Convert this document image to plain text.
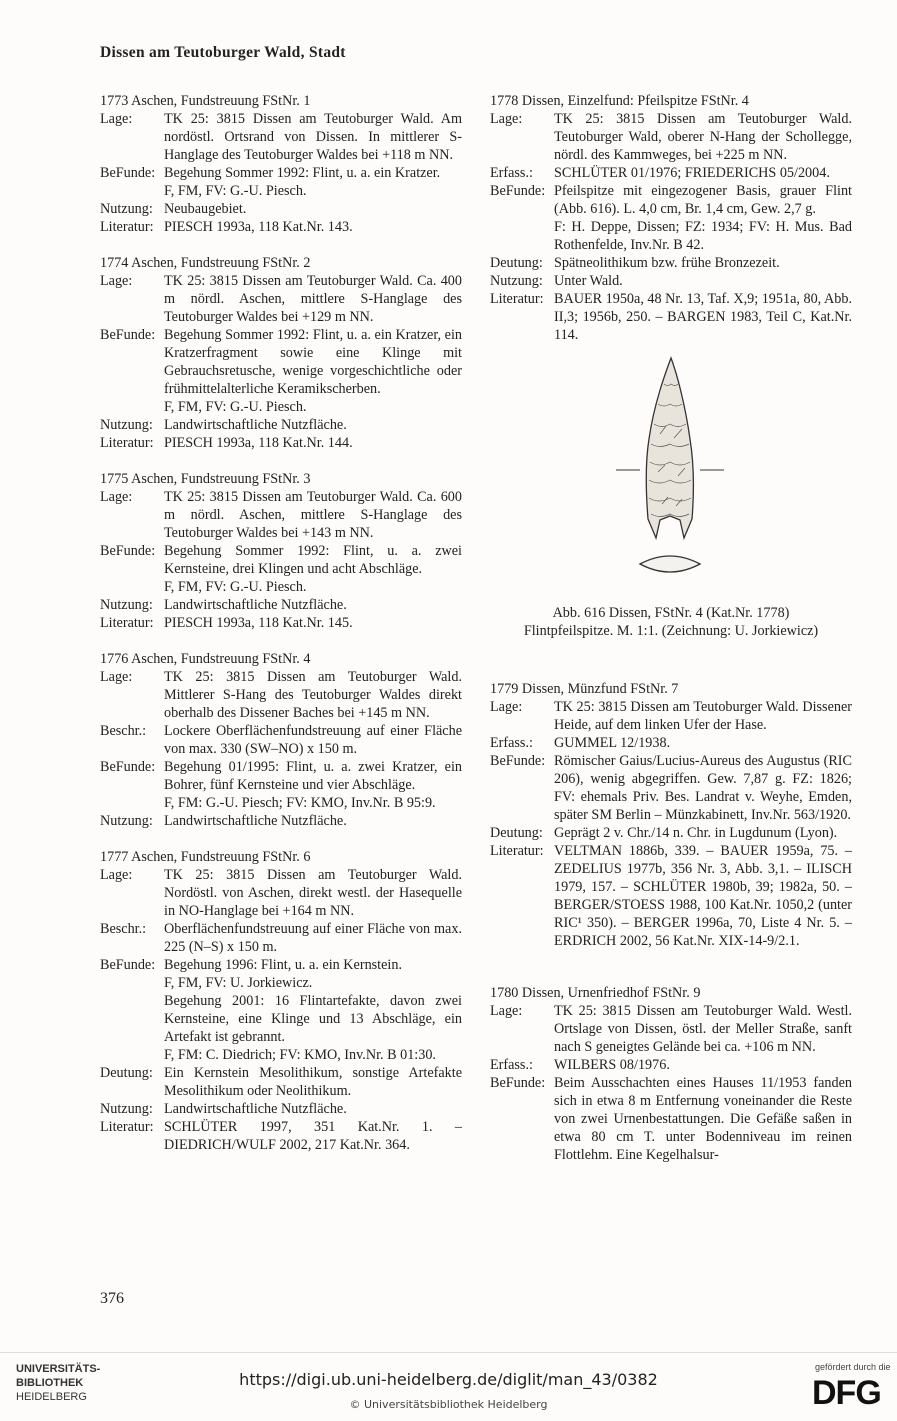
Dissen am Teutoburger Wald, Stadt
1773 Aschen, Fundstreuung FStNr. 1
Lage:	TK 25: 3815 Dissen am Teutoburger Wald. Am nordöstl. Ortsrand von Dissen. In mittlerer S-Hanglage des Teutoburger Waldes bei +118 m NN.
BeFunde: Begehung Sommer 1992: Flint, u. a. ein Kratzer.
F, FM, FV: G.-U. Piesch.
Nutzung: Neubaugebiet.
Literatur: PIESCH 1993a, 118 Kat.Nr. 143.
1774 Aschen, Fundstreuung FStNr. 2
Lage:	TK 25: 3815 Dissen am Teutoburger Wald. Ca. 400 m nördl. Aschen, mittlere S-Hanglage des Teutoburger Waldes bei +129 m NN.
BeFunde: Begehung Sommer 1992: Flint, u. a. ein Kratzer, ein Kratzerfragment sowie eine Klinge mit Gebrauchsretusche, wenige vorgeschichtliche oder frühmittelalterliche Keramikscherben.
F, FM, FV: G.-U. Piesch.
Nutzung: Landwirtschaftliche Nutzfläche.
Literatur: PIESCH 1993a, 118 Kat.Nr. 144.
1775 Aschen, Fundstreuung FStNr. 3
Lage:	TK 25: 3815 Dissen am Teutoburger Wald. Ca. 600 m nördl. Aschen, mittlere S-Hanglage des Teutoburger Waldes bei +143 m NN.
BeFunde: Begehung Sommer 1992: Flint, u. a. zwei Kernsteine, drei Klingen und acht Abschläge.
F, FM, FV: G.-U. Piesch.
Nutzung: Landwirtschaftliche Nutzfläche.
Literatur: PIESCH 1993a, 118 Kat.Nr. 145.
1776 Aschen, Fundstreuung FStNr. 4
Lage:	TK 25: 3815 Dissen am Teutoburger Wald. Mittlerer S-Hang des Teutoburger Waldes direkt oberhalb des Dissener Baches bei +145 m NN.
Beschr.:	Lockere Oberflächenfundstreuung auf einer Fläche von max. 330 (SW–NO) x 150 m.
BeFunde: Begehung 01/1995: Flint, u. a. zwei Kratzer, ein Bohrer, fünf Kernsteine und vier Abschläge.
F, FM: G.-U. Piesch; FV: KMO, Inv.Nr. B 95:9.
Nutzung: Landwirtschaftliche Nutzfläche.
1777 Aschen, Fundstreuung FStNr. 6
Lage:	TK 25: 3815 Dissen am Teutoburger Wald. Nordöstl. von Aschen, direkt westl. der Hasequelle in NO-Hanglage bei +164 m NN.
Beschr.:	Oberflächenfundstreuung auf einer Fläche von max. 225 (N–S) x 150 m.
BeFunde: Begehung 1996: Flint, u. a. ein Kernstein.
F, FM, FV: U. Jorkiewicz.
Begehung 2001: 16 Flintartefakte, davon zwei Kernsteine, eine Klinge und 13 Abschläge, ein Artefakt ist gebrannt.
F, FM: C. Diedrich; FV: KMO, Inv.Nr. B 01:30.
Deutung: Ein Kernstein Mesolithikum, sonstige Artefakte Mesolithikum oder Neolithikum.
Nutzung: Landwirtschaftliche Nutzfläche.
Literatur: SCHLÜTER 1997, 351 Kat.Nr. 1. – DIEDRICH/WULF 2002, 217 Kat.Nr. 364.
1778 Dissen, Einzelfund: Pfeilspitze FStNr. 4
Lage:	TK 25: 3815 Dissen am Teutoburger Wald. Teutoburger Wald, oberer N-Hang der Schollegge, nördl. des Kammweges, bei +225 m NN.
Erfass.:	SCHLÜTER 01/1976; FRIEDERICHS 05/2004.
BeFunde: Pfeilspitze mit eingezogener Basis, grauer Flint (Abb. 616). L. 4,0 cm, Br. 1,4 cm, Gew. 2,7 g.
F: H. Deppe, Dissen; FZ: 1934; FV: H. Mus. Bad Rothenfelde, Inv.Nr. B 42.
Deutung: Spätneolithikum bzw. frühe Bronzezeit.
Nutzung: Unter Wald.
Literatur: BAUER 1950a, 48 Nr. 13, Taf. X,9; 1951a, 80, Abb. II,3; 1956b, 250. – BARGEN 1983, Teil C, Kat.Nr. 114.
Abb. 616 Dissen, FStNr. 4 (Kat.Nr. 1778)
Flintpfeilspitze. M. 1:1. (Zeichnung: U. Jorkiewicz)
1779 Dissen, Münzfund FStNr. 7
Lage:	TK 25: 3815 Dissen am Teutoburger Wald. Dissener Heide, auf dem linken Ufer der Hase.
Erfass.:	GUMMEL 12/1938.
BeFunde: Römischer Gaius/Lucius-Aureus des Augustus (RIC 206), wenig abgegriffen. Gew. 7,87 g. FZ: 1826; FV: ehemals Priv. Bes. Landrat v. Weyhe, Emden, später SM Berlin – Münzkabinett, Inv.Nr. 563/1920.
Deutung: Geprägt 2 v. Chr./14 n. Chr. in Lugdunum (Lyon).
Literatur: VELTMAN 1886b, 339. – BAUER 1959a, 75. – ZEDELIUS 1977b, 356 Nr. 3, Abb. 3,1. – ILISCH 1979, 157. – SCHLÜTER 1980b, 39; 1982a, 50. – BERGER/STOESS 1988, 100 Kat.Nr. 1050,2 (unter RIC¹ 350). – BERGER 1996a, 70, Liste 4 Nr. 5. – ERDRICH 2002, 56 Kat.Nr. XIX-14-9/2.1.
1780 Dissen, Urnenfriedhof FStNr. 9
Lage:	TK 25: 3815 Dissen am Teutoburger Wald. Westl. Ortslage von Dissen, östl. der Meller Straße, sanft nach S geneigtes Gelände bei ca. +106 m NN.
Erfass.:	WILBERS 08/1976.
BeFunde: Beim Ausschachten eines Hauses 11/1953 fanden sich in etwa 8 m Entfernung voneinander die Reste von zwei Urnenbestattungen. Die Gefäße saßen in etwa 80 cm T. unter Bodenniveau im reinen Flottlehm. Eine Kegelhalsur-
376
UNIVERSITÄTS-
BIBLIOTHEK
HEIDELBERG
https://digi.ub.uni-heidelberg.de/diglit/man_43/0382
© Universitätsbibliothek Heidelberg
gefördert durch die
DFG
